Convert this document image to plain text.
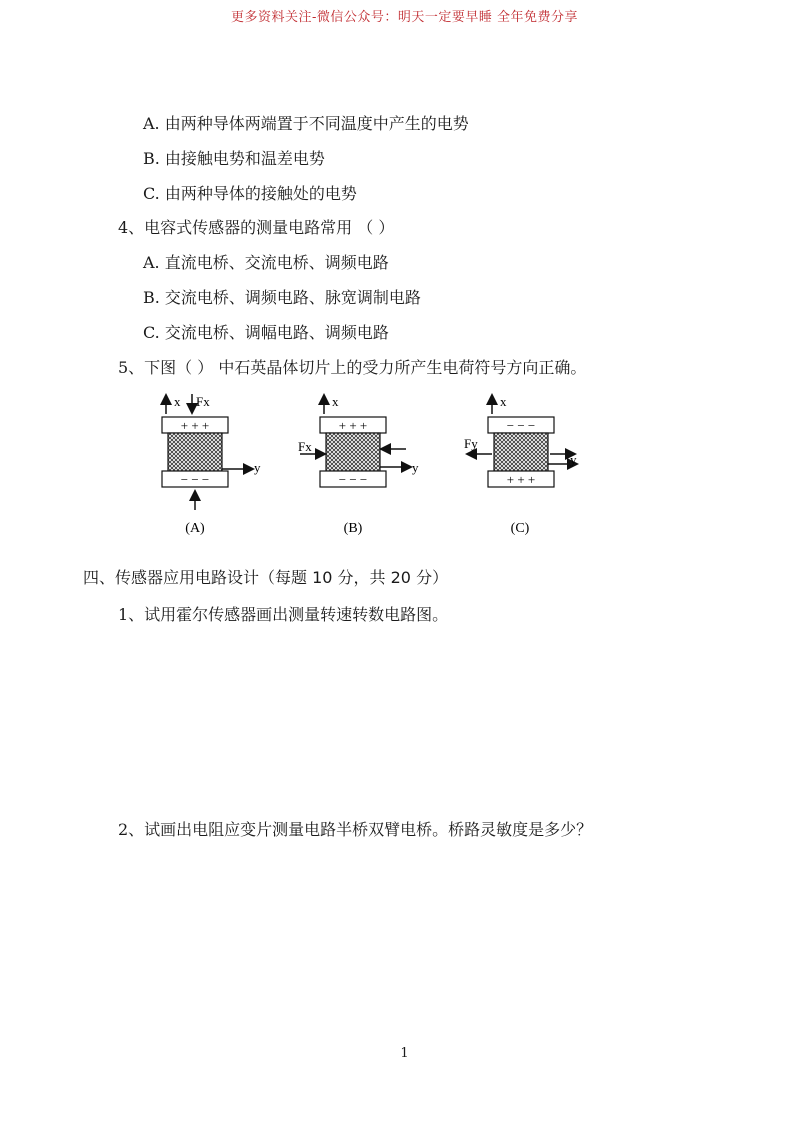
更多资料关注-微信公众号：明天一定要早睡 全年免费分享
A. 由两种导体两端置于不同温度中产生的电势
B. 由接触电势和温差电势
C. 由两种导体的接触处的电势
4、电容式传感器的测量电路常用 （ ）
A. 直流电桥、交流电桥、调频电路
B. 交流电桥、调频电路、脉宽调制电路
C. 交流电桥、调幅电路、调频电路
5、下图（ ） 中石英晶体切片上的受力所产生电荷符号方向正确。
x Fx
+ + +
y
− − −
(A)
x
+ + +
Fx
y
− − −
(B)
x
− − −
Fy
y
+ + +
(C)
四、传感器应用电路设计（每题 10 分，共 20 分）
1、试用霍尔传感器画出测量转速转数电路图。
2、试画出电阻应变片测量电路半桥双臂电桥。桥路灵敏度是多少？
1
